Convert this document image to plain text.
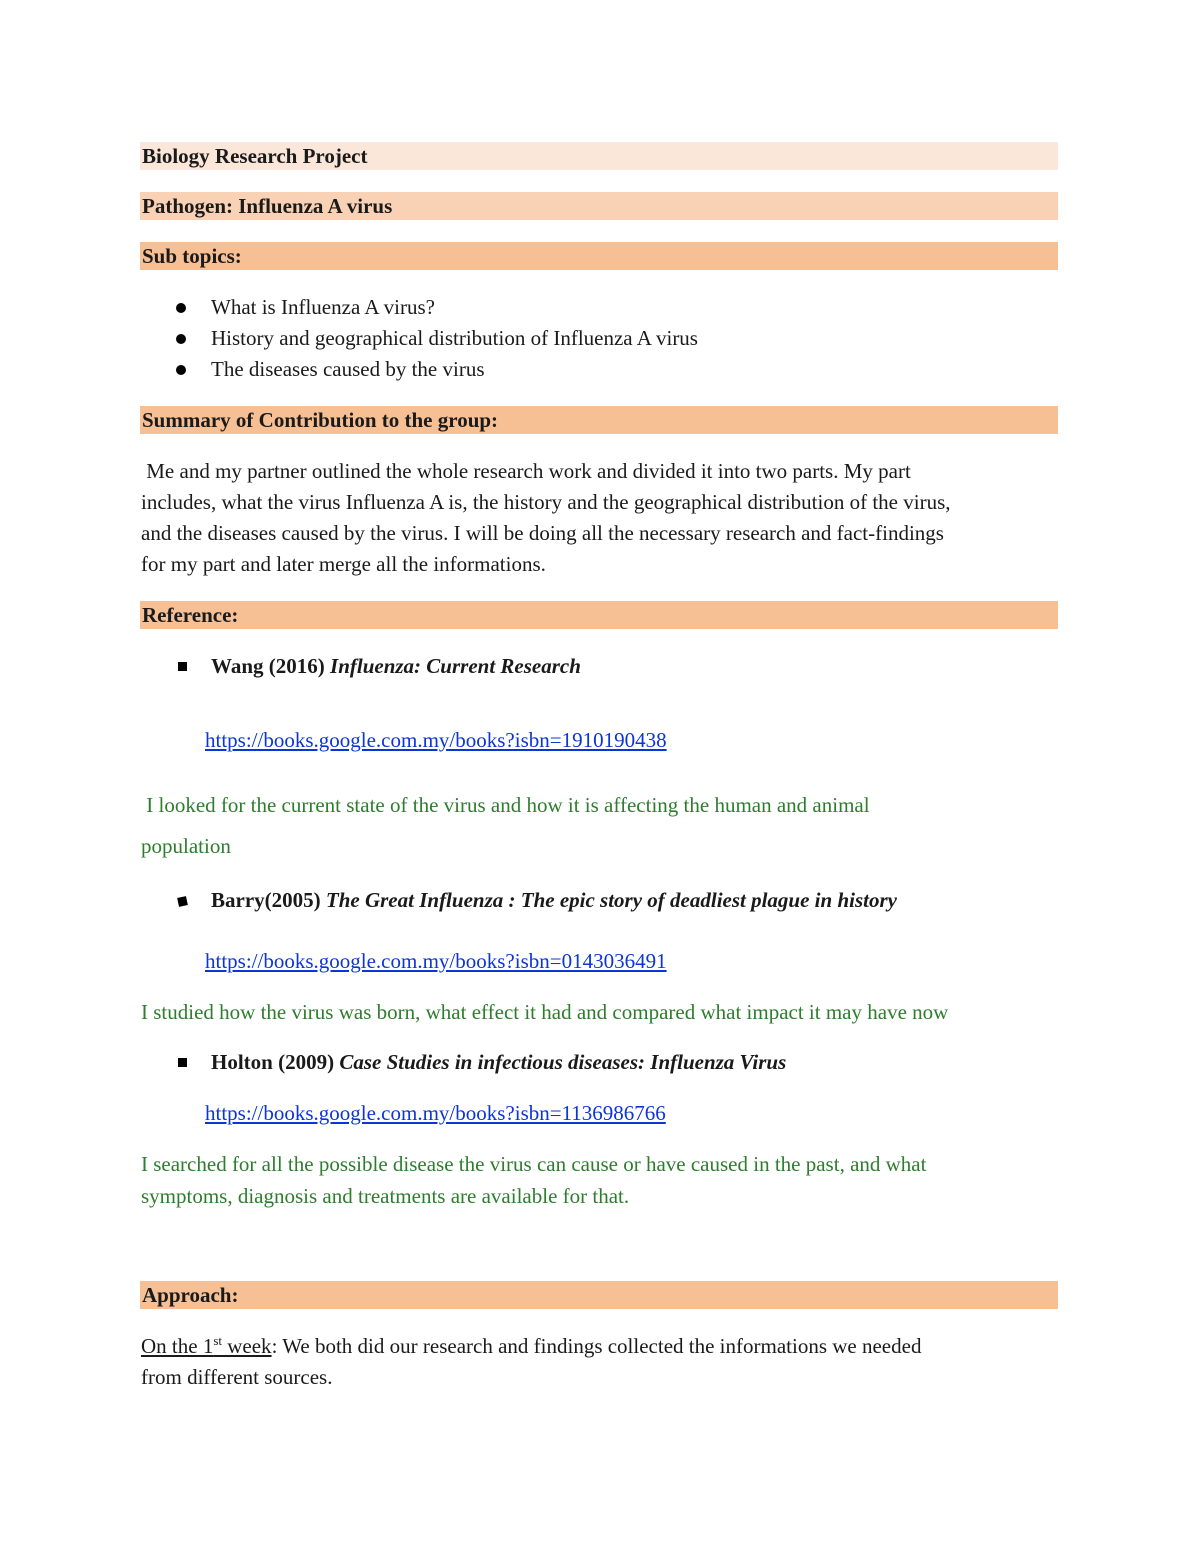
Biology Research Project
Pathogen: Influenza A virus
Sub topics:
What is Influenza A virus?
History and geographical distribution of Influenza A virus
The diseases caused by the virus
Summary of Contribution to the group:
Me and my partner outlined the whole research work and divided it into two parts. My part
includes, what the virus Influenza A is, the history and the geographical distribution of the virus,
and the diseases caused by the virus. I will be doing all the necessary research and fact-findings
for my part and later merge all the informations.
Reference:
Wang (2016) Influenza: Current Research
https://books.google.com.my/books?isbn=1910190438
I looked for the current state of the virus and how it is affecting the human and animal
population
Barry(2005) The Great Influenza : The epic story of deadliest plague in history
https://books.google.com.my/books?isbn=0143036491
I studied how the virus was born, what effect it had and compared what impact it may have now
Holton (2009) Case Studies in infectious diseases: Influenza Virus
https://books.google.com.my/books?isbn=1136986766
I searched for all the possible disease the virus can cause or have caused in the past, and what
symptoms, diagnosis and treatments are available for that.
Approach:
On the 1st week: We both did our research and findings collected the informations we needed
from different sources.
